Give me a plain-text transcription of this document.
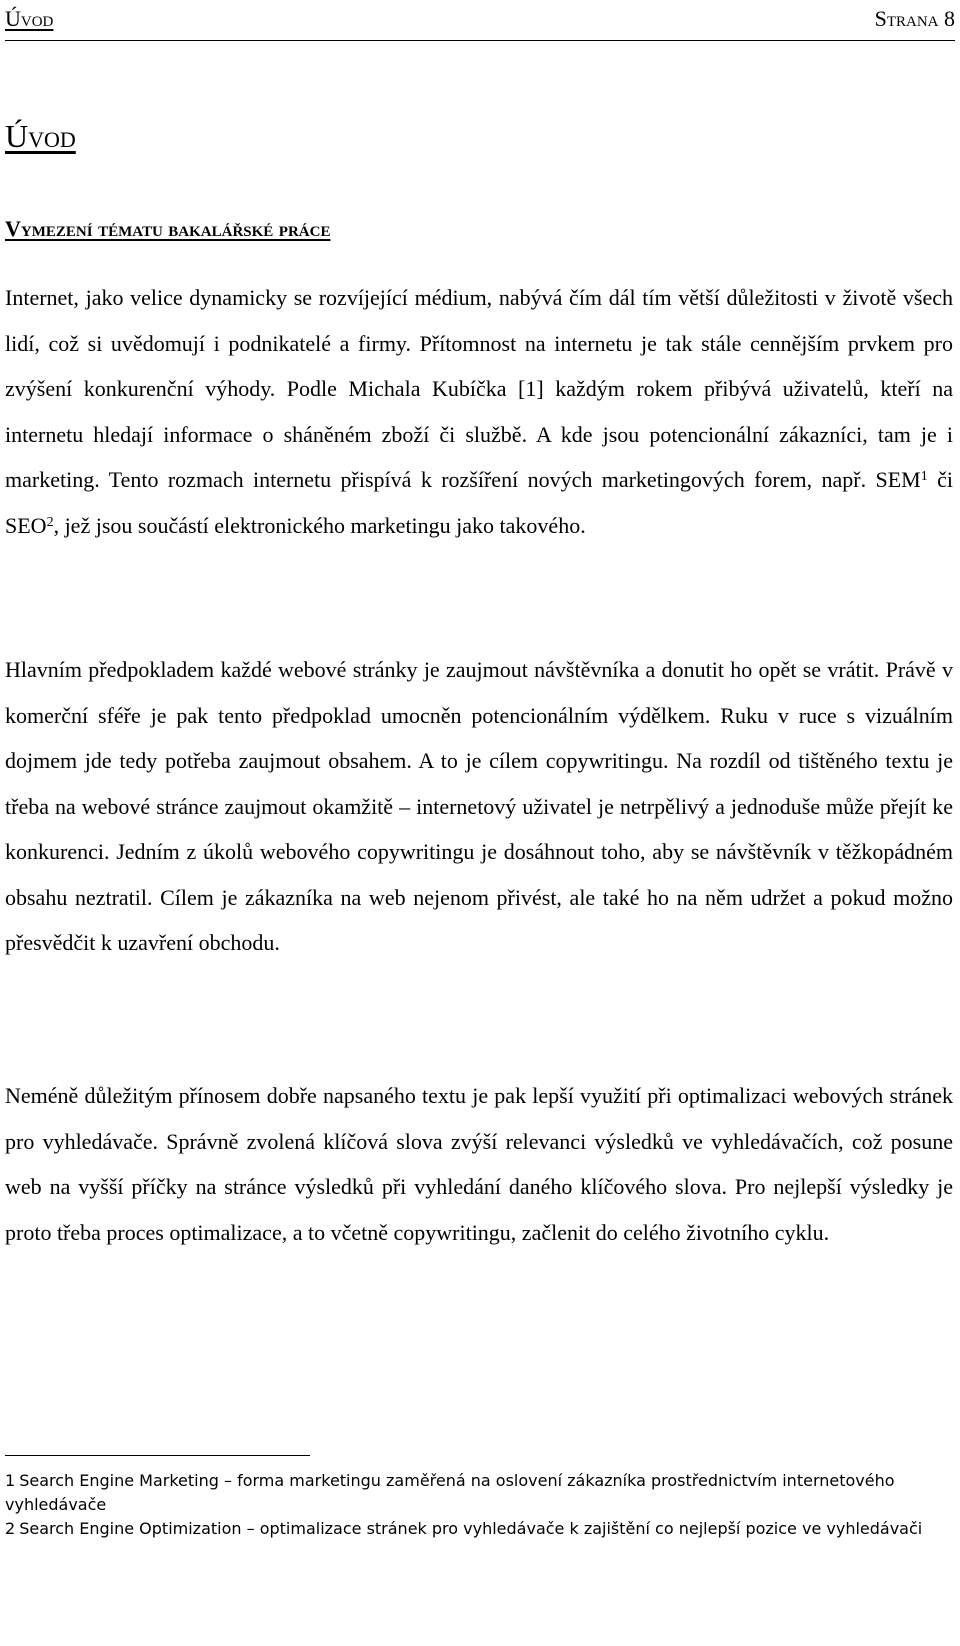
Úvod	Strana 8
Úvod
Vymezení tématu bakalářské práce

Internet, jako velice dynamicky se rozvíjející médium, nabývá čím dál tím větší důležitosti v životě všech lidí, což si uvědomují i podnikatelé a firmy. Přítomnost na internetu je tak stále cennějším prvkem pro zvýšení konkurenční výhody. Podle Michala Kubíčka [1] každým rokem přibývá uživatelů, kteří na internetu hledají informace o sháněném zboží či službě. A kde jsou potencionální zákazníci, tam je i marketing. Tento rozmach internetu přispívá k rozšíření nových marketingových forem, např. SEM$^1$ či SEO$^2$, jež jsou součástí elektronického marketingu jako takového.

Hlavním předpokladem každé webové stránky je zaujmout návštěvníka a donutit ho opět se vrátit. Právě v komerční sféře je pak tento předpoklad umocněn potencionálním výdělkem. Ruku v ruce s vizuálním dojmem jde tedy potřeba zaujmout obsahem. A to je cílem copywritingu. Na rozdíl od tištěného textu je třeba na webové stránce zaujmout okamžitě – internetový uživatel je netrpělivý a jednoduše může přejít ke konkurenci. Jedním z úkolů webového copywritingu je dosáhnout toho, aby se návštěvník v těžkopádném obsahu neztratil. Cílem je zákazníka na web nejenom přivést, ale také ho na něm udržet a pokud možno přesvědčit k uzavření obchodu.

Neméně důležitým přínosem dobře napsaného textu je pak lepší využití při optimalizaci webových stránek pro vyhledávače. Správně zvolená klíčová slova zvýší relevanci výsledků ve vyhledávačích, což posune web na vyšší příčky na stránce výsledků při vyhledání daného klíčového slova. Pro nejlepší výsledky je proto třeba proces optimalizace, a to včetně copywritingu, začlenit do celého životního cyklu.

1 Search Engine Marketing – forma marketingu zaměřená na oslovení zákazníka prostřednictvím internetového vyhledávače

2 Search Engine Optimization – optimalizace stránek pro vyhledávače k zajištění co nejlepší pozice ve vyhledávači
